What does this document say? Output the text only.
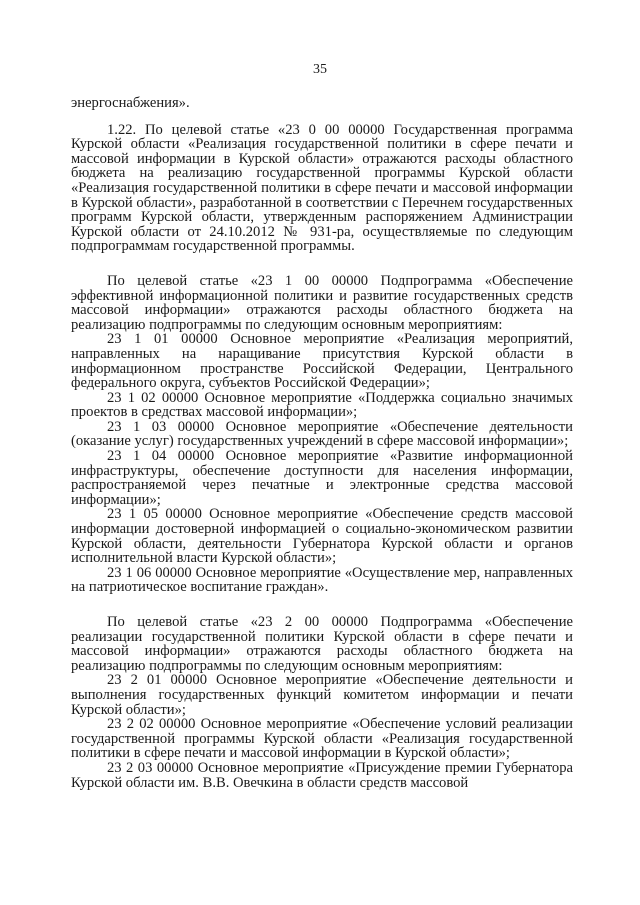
35

энергоснабжения».

1.22. По целевой статье «23 0 00 00000 Государственная программа Курской области «Реализация государственной политики в сфере печати и массовой информации в Курской области» отражаются расходы областного бюджета на реализацию государственной программы Курской области «Реализация государственной политики в сфере печати и массовой информации в Курской области», разработанной в соответствии с Перечнем государственных программ Курской области, утвержденным распоряжением Администрации Курской области от 24.10.2012 № 931-ра, осуществляемые по следующим подпрограммам государственной программы.

По целевой статье «23 1 00 00000 Подпрограмма «Обеспечение эффективной информационной политики и развитие государственных средств массовой информации» отражаются расходы областного бюджета на реализацию подпрограммы по следующим основным мероприятиям:

23 1 01 00000 Основное мероприятие «Реализация мероприятий, направленных на наращивание присутствия Курской области в информационном пространстве Российской Федерации, Центрального федерального округа, субъектов Российской Федерации»;

23 1 02 00000 Основное мероприятие «Поддержка социально значимых проектов в средствах массовой информации»;

23 1 03 00000 Основное мероприятие «Обеспечение деятельности (оказание услуг) государственных учреждений в сфере массовой информации»;

23 1 04 00000 Основное мероприятие «Развитие информационной инфраструктуры, обеспечение доступности для населения информации, распространяемой через печатные и электронные средства массовой информации»;

23 1 05 00000 Основное мероприятие «Обеспечение средств массовой информации достоверной информацией о социально-экономическом развитии Курской области, деятельности Губернатора Курской области и органов исполнительной власти Курской области»;

23 1 06 00000 Основное мероприятие «Осуществление мер, направленных на патриотическое воспитание граждан».

По целевой статье «23 2 00 00000 Подпрограмма «Обеспечение реализации государственной политики Курской области в сфере печати и массовой информации» отражаются расходы областного бюджета на реализацию подпрограммы по следующим основным мероприятиям:

23 2 01 00000 Основное мероприятие «Обеспечение деятельности и выполнения государственных функций комитетом информации и печати Курской области»;

23 2 02 00000 Основное мероприятие «Обеспечение условий реализации государственной программы Курской области «Реализация государственной политики в сфере печати и массовой информации в Курской области»;

23 2 03 00000 Основное мероприятие «Присуждение премии Губернатора Курской области им. В.В. Овечкина в области средств массовой
